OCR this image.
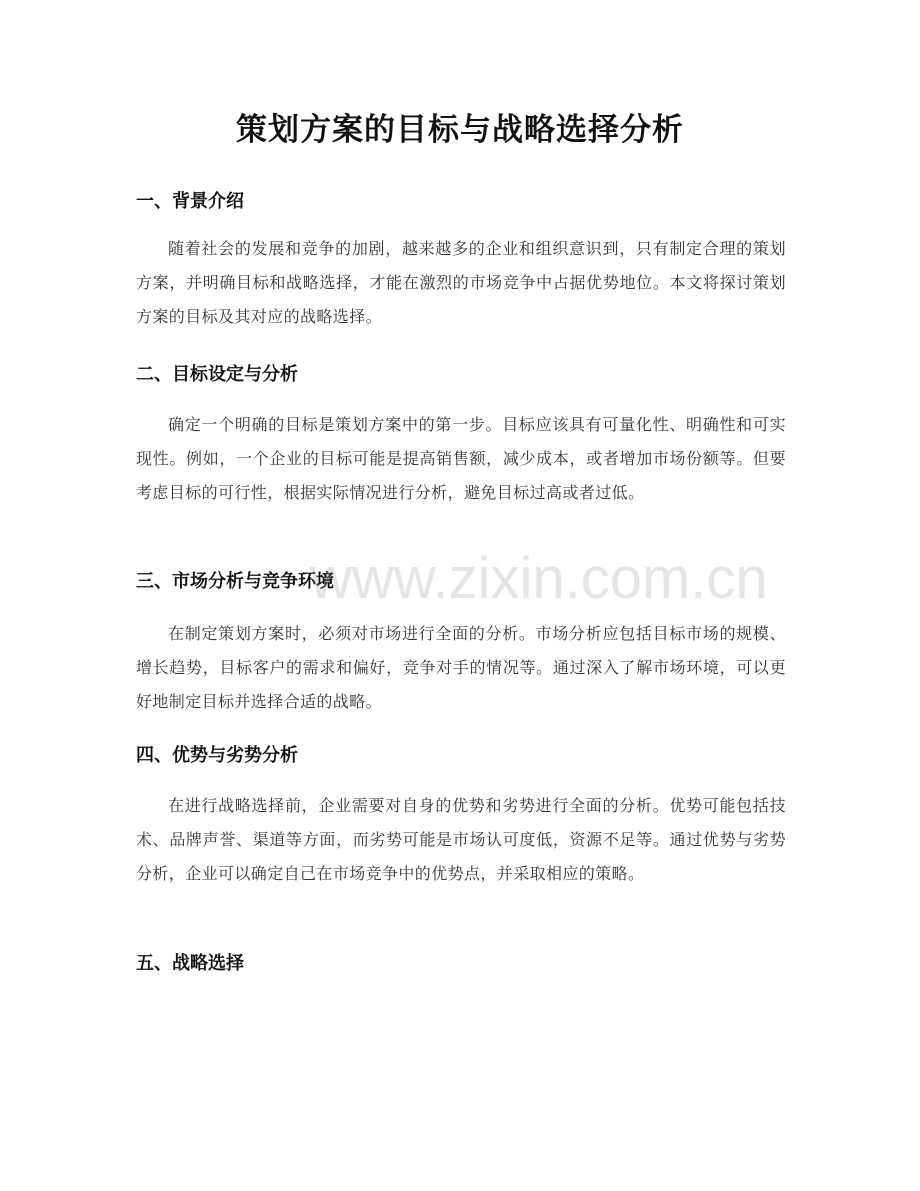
策划方案的目标与战略选择分析
一、背景介绍

随着社会的发展和竞争的加剧，越来越多的企业和组织意识到，只有制定合理的策划方案，并明确目标和战略选择，才能在激烈的市场竞争中占据优势地位。本文将探讨策划方案的目标及其对应的战略选择。

二、目标设定与分析

确定一个明确的目标是策划方案中的第一步。目标应该具有可量化性、明确性和可实现性。例如，一个企业的目标可能是提高销售额，减少成本，或者增加市场份额等。但要考虑目标的可行性，根据实际情况进行分析，避免目标过高或者过低。

三、市场分析与竞争环境

在制定策划方案时，必须对市场进行全面的分析。市场分析应包括目标市场的规模、增长趋势，目标客户的需求和偏好，竞争对手的情况等。通过深入了解市场环境，可以更好地制定目标并选择合适的战略。

四、优势与劣势分析

在进行战略选择前，企业需要对自身的优势和劣势进行全面的分析。优势可能包括技术、品牌声誉、渠道等方面，而劣势可能是市场认可度低，资源不足等。通过优势与劣势分析，企业可以确定自己在市场竞争中的优势点，并采取相应的策略。

五、战略选择

www.zixin.com.cn
